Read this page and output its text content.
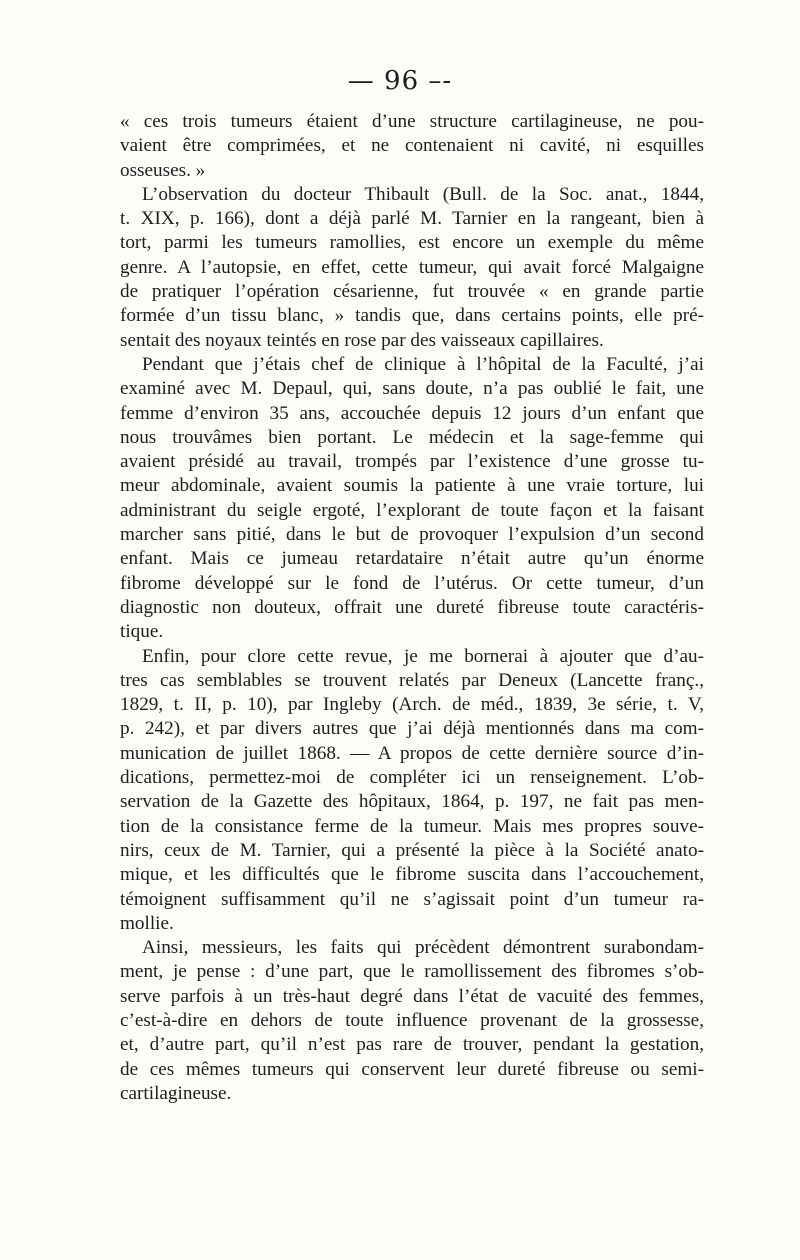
— 96 –-
« ces trois tumeurs étaient d’une structure cartilagineuse, ne pou-
vaient être comprimées, et ne contenaient ni cavité, ni esquilles
osseuses. »
L’observation du docteur Thibault (Bull. de la Soc. anat., 1844,
t. XIX, p. 166), dont a déjà parlé M. Tarnier en la rangeant, bien à
tort, parmi les tumeurs ramollies, est encore un exemple du même
genre. A l’autopsie, en effet, cette tumeur, qui avait forcé Malgaigne
de pratiquer l’opération césarienne, fut trouvée « en grande partie
formée d’un tissu blanc, » tandis que, dans certains points, elle pré-
sentait des noyaux teintés en rose par des vaisseaux capillaires.
Pendant que j’étais chef de clinique à l’hôpital de la Faculté, j’ai
examiné avec M. Depaul, qui, sans doute, n’a pas oublié le fait, une
femme d’environ 35 ans, accouchée depuis 12 jours d’un enfant que
nous trouvâmes bien portant. Le médecin et la sage-femme qui
avaient présidé au travail, trompés par l’existence d’une grosse tu-
meur abdominale, avaient soumis la patiente à une vraie torture, lui
administrant du seigle ergoté, l’explorant de toute façon et la faisant
marcher sans pitié, dans le but de provoquer l’expulsion d’un second
enfant. Mais ce jumeau retardataire n’était autre qu’un énorme
fibrome développé sur le fond de l’utérus. Or cette tumeur, d’un
diagnostic non douteux, offrait une dureté fibreuse toute caractéris-
tique.
Enfin, pour clore cette revue, je me bornerai à ajouter que d’au-
tres cas semblables se trouvent relatés par Deneux (Lancette franç.,
1829, t. II, p. 10), par Ingleby (Arch. de méd., 1839, 3e série, t. V,
p. 242), et par divers autres que j’ai déjà mentionnés dans ma com-
munication de juillet 1868. — A propos de cette dernière source d’in-
dications, permettez-moi de compléter ici un renseignement. L’ob-
servation de la Gazette des hôpitaux, 1864, p. 197, ne fait pas men-
tion de la consistance ferme de la tumeur. Mais mes propres souve-
nirs, ceux de M. Tarnier, qui a présenté la pièce à la Société anato-
mique, et les difficultés que le fibrome suscita dans l’accouchement,
témoignent suffisamment qu’il ne s’agissait point d’un tumeur ra-
mollie.
Ainsi, messieurs, les faits qui précèdent démontrent surabondam-
ment, je pense : d’une part, que le ramollissement des fibromes s’ob-
serve parfois à un très-haut degré dans l’état de vacuité des femmes,
c’est-à-dire en dehors de toute influence provenant de la grossesse,
et, d’autre part, qu’il n’est pas rare de trouver, pendant la gestation,
de ces mêmes tumeurs qui conservent leur dureté fibreuse ou semi-
cartilagineuse.
